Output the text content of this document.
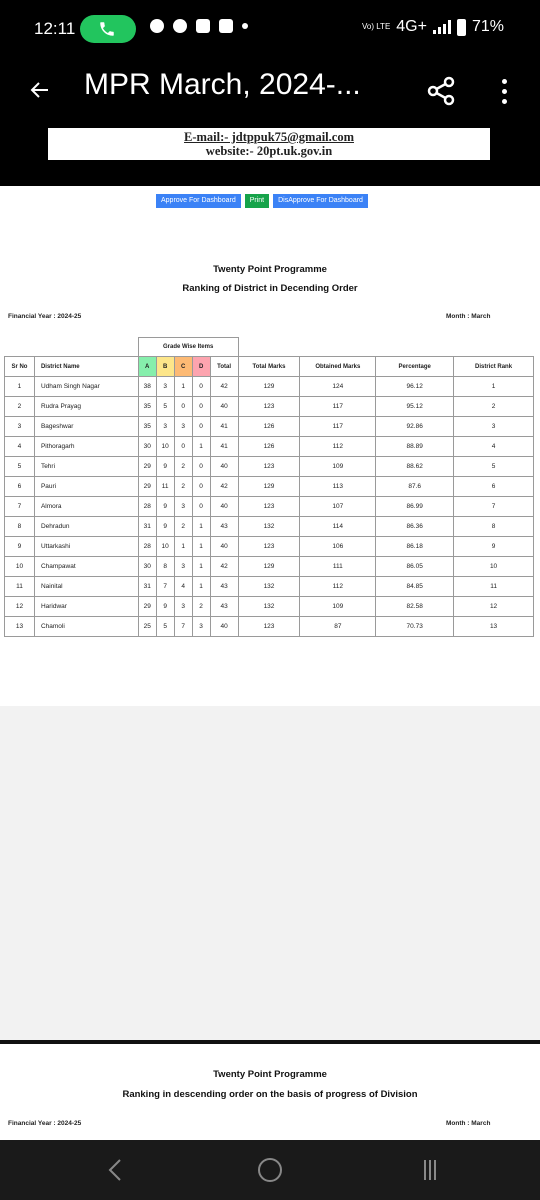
12:11	Vo) LTE 4G+	71%
MPR March, 2024-...
E-mail:- jdtppuk75@gmail.com
website:- 20pt.uk.gov.in
Approve For Dashboard	Print	DisApprove For Dashboard
Twenty Point Programme
Ranking of District in Decending Order
Financial Year : 2024-25	Month : March
		Grade Wise Items								
Sr No	District Name	A	B	C	D	Total	Total Marks	Obtained Marks	Percentage	District Rank
1	Udham Singh Nagar	38	3	1	0	42	129	124	96.12	1
2	Rudra Prayag	35	5	0	0	40	123	117	95.12	2
3	Bageshwar	35	3	3	0	41	126	117	92.86	3
4	Pithoragarh	30	10	0	1	41	126	112	88.89	4
5	Tehri	29	9	2	0	40	123	109	88.62	5
6	Pauri	29	11	2	0	42	129	113	87.6	6
7	Almora	28	9	3	0	40	123	107	86.99	7
8	Dehradun	31	9	2	1	43	132	114	86.36	8
9	Uttarkashi	28	10	1	1	40	123	106	86.18	9
10	Champawat	30	8	3	1	42	129	111	86.05	10
11	Nainital	31	7	4	1	43	132	112	84.85	11
12	Haridwar	29	9	3	2	43	132	109	82.58	12
13	Chamoli	25	5	7	3	40	123	87	70.73	13
Twenty Point Programme
Ranking in descending order on the basis of progress of Division
Financial Year : 2024-25	Month : March
